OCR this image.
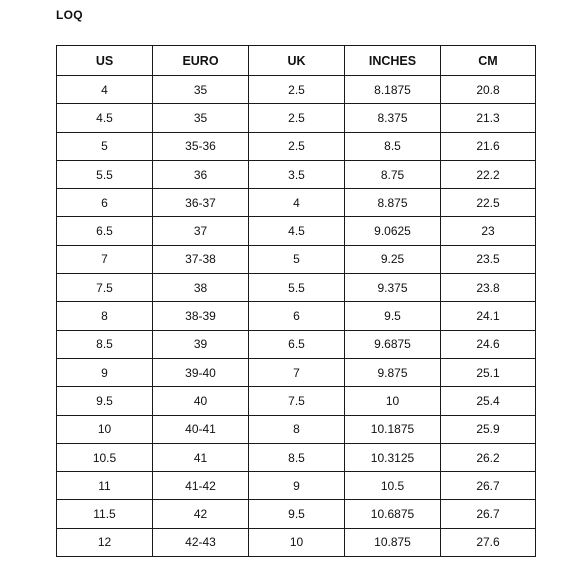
LOQ
US	EURO	UK	INCHES	CM
4	35	2.5	8.1875	20.8
4.5	35	2.5	8.375	21.3
5	35-36	2.5	8.5	21.6
5.5	36	3.5	8.75	22.2
6	36-37	4	8.875	22.5
6.5	37	4.5	9.0625	23
7	37-38	5	9.25	23.5
7.5	38	5.5	9.375	23.8
8	38-39	6	9.5	24.1
8.5	39	6.5	9.6875	24.6
9	39-40	7	9.875	25.1
9.5	40	7.5	10	25.4
10	40-41	8	10.1875	25.9
10.5	41	8.5	10.3125	26.2
11	41-42	9	10.5	26.7
11.5	42	9.5	10.6875	26.7
12	42-43	10	10.875	27.6
